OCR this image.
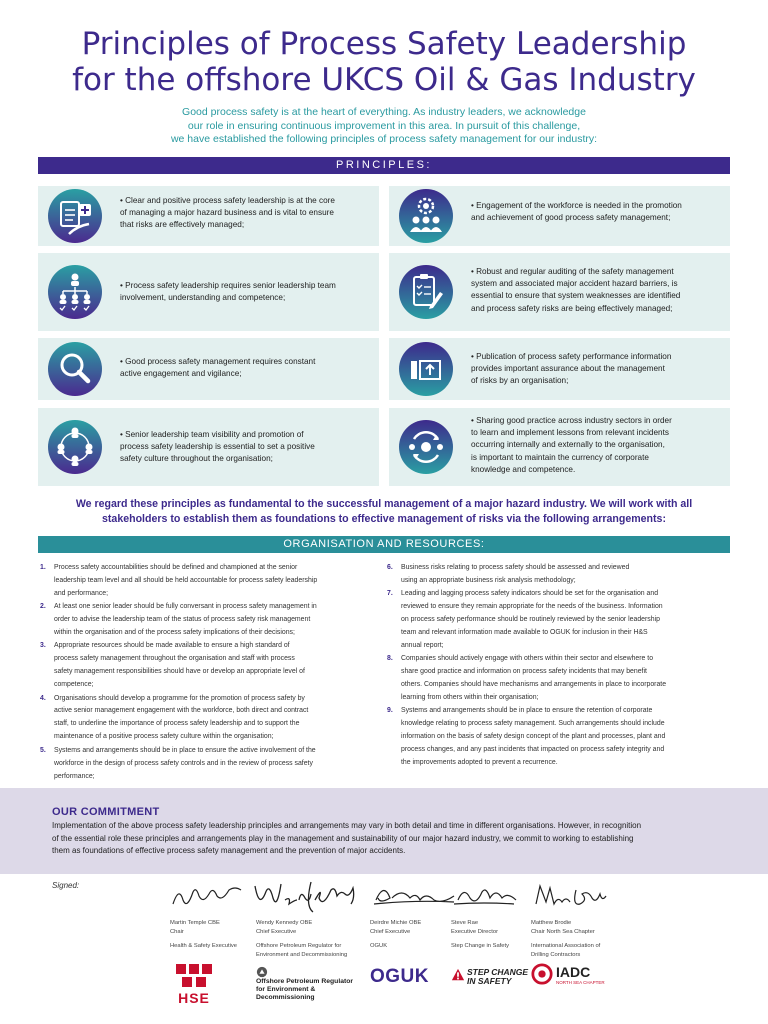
Principles of Process Safety Leadership
for the offshore UKCS Oil & Gas Industry
Good process safety is at the heart of everything. As industry leaders, we acknowledge
our role in ensuring continuous improvement in this area. In pursuit of this challenge,
we have established the following principles of process safety management for our industry:
PRINCIPLES:
• Clear and positive process safety leadership is at the core
of managing a major hazard business and is vital to ensure
that risks are effectively managed;
• Engagement of the workforce is needed in the promotion
and achievement of good process safety management;
• Process safety leadership requires senior leadership team
involvement, understanding and competence;
• Robust and regular auditing of the safety management
system and associated major accident hazard barriers, is
essential to ensure that system weaknesses are identified
and process safety risks are being effectively managed;
• Good process safety management requires constant
active engagement and vigilance;
• Publication of process safety performance information
provides important assurance about the management
of risks by an organisation;
• Senior leadership team visibility and promotion of
process safety leadership is essential to set a positive
safety culture throughout the organisation;
• Sharing good practice across industry sectors in order
to learn and implement lessons from relevant incidents
occurring internally and externally to the organisation,
is important to maintain the currency of corporate
knowledge and competence.
We regard these principles as fundamental to the successful management of a major hazard industry. We will work with all
stakeholders to establish them as foundations to effective management of risks via the following arrangements:
ORGANISATION AND RESOURCES:
1. Process safety accountabilities should be defined and championed at the senior
leadership team level and all should be held accountable for process safety leadership
and performance;
2. At least one senior leader should be fully conversant in process safety management in
order to advise the leadership team of the status of process safety risk management
within the organisation and of the process safety implications of their decisions;
3. Appropriate resources should be made available to ensure a high standard of
process safety management throughout the organisation and staff with process
safety management responsibilities should have or develop an appropriate level of
competence;
4. Organisations should develop a programme for the promotion of process safety by
active senior management engagement with the workforce, both direct and contract
staff, to underline the importance of process safety leadership and to support the
maintenance of a positive process safety culture within the organisation;
5. Systems and arrangements should be in place to ensure the active involvement of the
workforce in the design of process safety controls and in the review of process safety
performance;
6. Business risks relating to process safety should be assessed and reviewed
using an appropriate business risk analysis methodology;
7. Leading and lagging process safety indicators should be set for the organisation and
reviewed to ensure they remain appropriate for the needs of the business. Information
on process safety performance should be routinely reviewed by the senior leadership
team and relevant information made available to OGUK for inclusion in their H&S
annual report;
8. Companies should actively engage with others within their sector and elsewhere to
share good practice and information on process safety incidents that may benefit
others. Companies should have mechanisms and arrangements in place to incorporate
learning from others within their organisation;
9. Systems and arrangements should be in place to ensure the retention of corporate
knowledge relating to process safety management. Such arrangements should include
information on the basis of safety design concept of the plant and processes, plant and
process changes, and any past incidents that impacted on process safety integrity and
the improvements adopted to prevent a recurrence.
OUR COMMITMENT

Implementation of the above process safety leadership principles and arrangements may vary in both detail and time in different organisations. However, in recognition
of the essential role these principles and arrangements play in the management and sustainability of our major hazard industry, we commit to working to establishing
them as foundations of effective process safety management and the prevention of major accidents.

Signed:
Martin Temple CBE
Chair
Wendy Kennedy OBE
Chief Executive
Deirdre Michie OBE
Chief Executive
Steve Rae
Executive Director
Matthew Brodie
Chair North Sea Chapter
Health & Safety Executive	Offshore Petroleum Regulator for
Environment and Decommissioning
OGUK	Step Change in Safety	International Association of
Drilling Contractors
HSE
Offshore Petroleum Regulator
for Environment & Decommissioning
OGUK	STEP CHANGE
IN SAFETY
IADC
NORTH SEA CHAPTER
